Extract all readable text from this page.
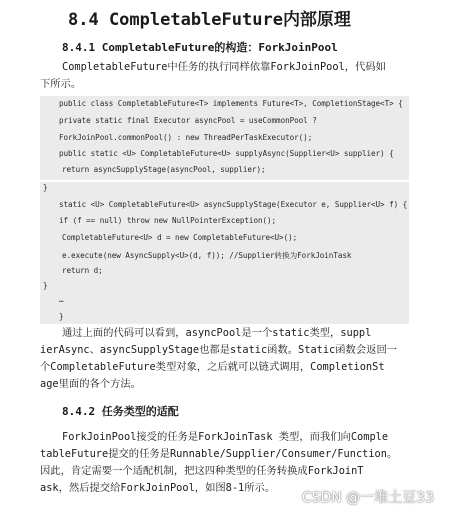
8.4 CompletableFuture内部原理
8.4.1 CompletableFuture的构造：ForkJoinPool
CompletableFuture中任务的执行同样依靠ForkJoinPool，代码如
下所示。
public class CompletableFuture<T> implements Future<T>, CompletionStage<T> {
private static final Executor asyncPool = useCommonPool ?
ForkJoinPool.commonPool() : new ThreadPerTaskExecutor();
public static <U> CompletableFuture<U> supplyAsync(Supplier<U> supplier) {
return asyncSupplyStage(asyncPool, supplier);
}
static <U> CompletableFuture<U> asyncSupplyStage(Executor e, Supplier<U> f) {
if (f == null) throw new NullPointerException();
CompletableFuture<U> d = new CompletableFuture<U>();
e.execute(new AsyncSupply<U>(d, f)); //Supplier转换为ForkJoinTask
return d;
}
…
}
通过上面的代码可以看到，asyncPool是一个static类型，suppl
ierAsync、asyncSupplyStage也都是static函数。Static函数会返回一
个CompletableFuture类型对象，之后就可以链式调用，CompletionSt
age里面的各个方法。
8.4.2 任务类型的适配
ForkJoinPool接受的任务是ForkJoinTask 类型，而我们向Comple
tableFuture提交的任务是Runnable/Supplier/Consumer/Function。
因此，肯定需要一个适配机制，把这四种类型的任务转换成ForkJoinT
ask，然后提交给ForkJoinPool，如图8-1所示。
CSDN @一堆土豆33
